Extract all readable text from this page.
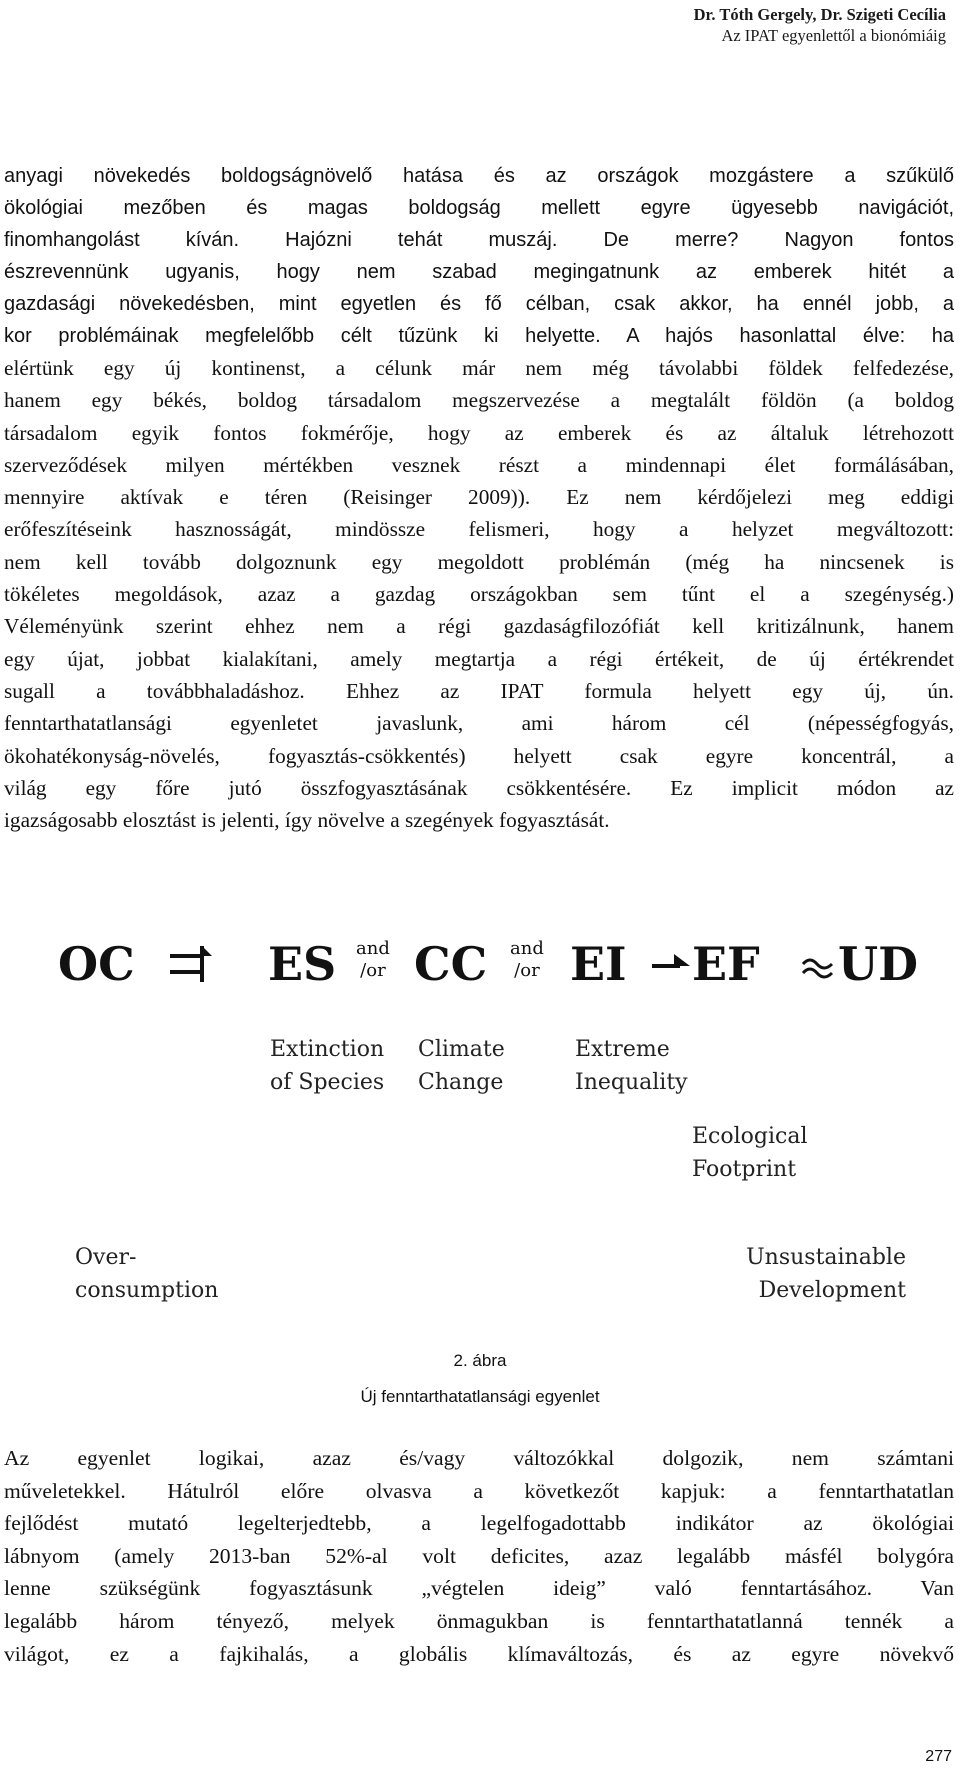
Dr. Tóth Gergely, Dr. Szigeti Cecília
Az IPAT egyenlettől a bionómiáig

anyagi növekedés boldogságnövelő hatása és az országok mozgástere a szűkülő
ökológiai mezőben és magas boldogság mellett egyre ügyesebb navigációt,
finomhangolást kíván. Hajózni tehát muszáj. De merre? Nagyon fontos
észrevennünk ugyanis, hogy nem szabad megingatnunk az emberek hitét a
gazdasági növekedésben, mint egyetlen és fő célban, csak akkor, ha ennél jobb, a
kor problémáinak megfelelőbb célt tűzünk ki helyette. A hajós hasonlattal élve: ha
elértünk egy új kontinenst, a célunk már nem még távolabbi földek felfedezése,
hanem egy békés, boldog társadalom megszervezése a megtalált földön (a boldog
társadalom egyik fontos fokmérője, hogy az emberek és az általuk létrehozott
szerveződések milyen mértékben vesznek részt a mindennapi élet formálásában,
mennyire aktívak e téren (Reisinger 2009)). Ez nem kérdőjelezi meg eddigi
erőfeszítéseink hasznosságát, mindössze felismeri, hogy a helyzet megváltozott:
nem kell tovább dolgoznunk egy megoldott problémán (még ha nincsenek is
tökéletes megoldások, azaz a gazdag országokban sem tűnt el a szegénység.)
Véleményünk szerint ehhez nem a régi gazdaságfilozófiát kell kritizálnunk, hanem
egy újat, jobbat kialakítani, amely megtartja a régi értékeit, de új értékrendet
sugall a továbbhaladáshoz. Ehhez az IPAT formula helyett egy új, ún.
fenntarthatatlansági egyenletet javaslunk, ami három cél (népességfogyás,
ökohatékonyság-növelés, fogyasztás-csökkentés) helyett csak egyre koncentrál, a
világ egy főre jutó összfogyasztásának csökkentésére. Ez implicit módon az
igazságosabb elosztást is jelenti, így növelve a szegények fogyasztását.

OC	ES and
/or CC and
/or EI EF UD
Extinction
of Species
Climate
Change
Extreme
Inequality
Ecological
Footprint
Over-
consumption
Unsustainable
Development
2. ábra
Új fenntarthatatlansági egyenlet

Az egyenlet logikai, azaz és/vagy változókkal dolgozik, nem számtani
műveletekkel. Hátulról előre olvasva a következőt kapjuk: a fenntarthatatlan
fejlődést mutató legelterjedtebb, a legelfogadottabb indikátor az ökológiai
lábnyom (amely 2013-ban 52%-al volt deficites, azaz legalább másfél bolygóra
lenne szükségünk fogyasztásunk „végtelen ideig” való fenntartásához. Van
legalább három tényező, melyek önmagukban is fenntarthatatlanná tennék a
világot, ez a fajkihalás, a globális klímaváltozás, és az egyre növekvő

277
